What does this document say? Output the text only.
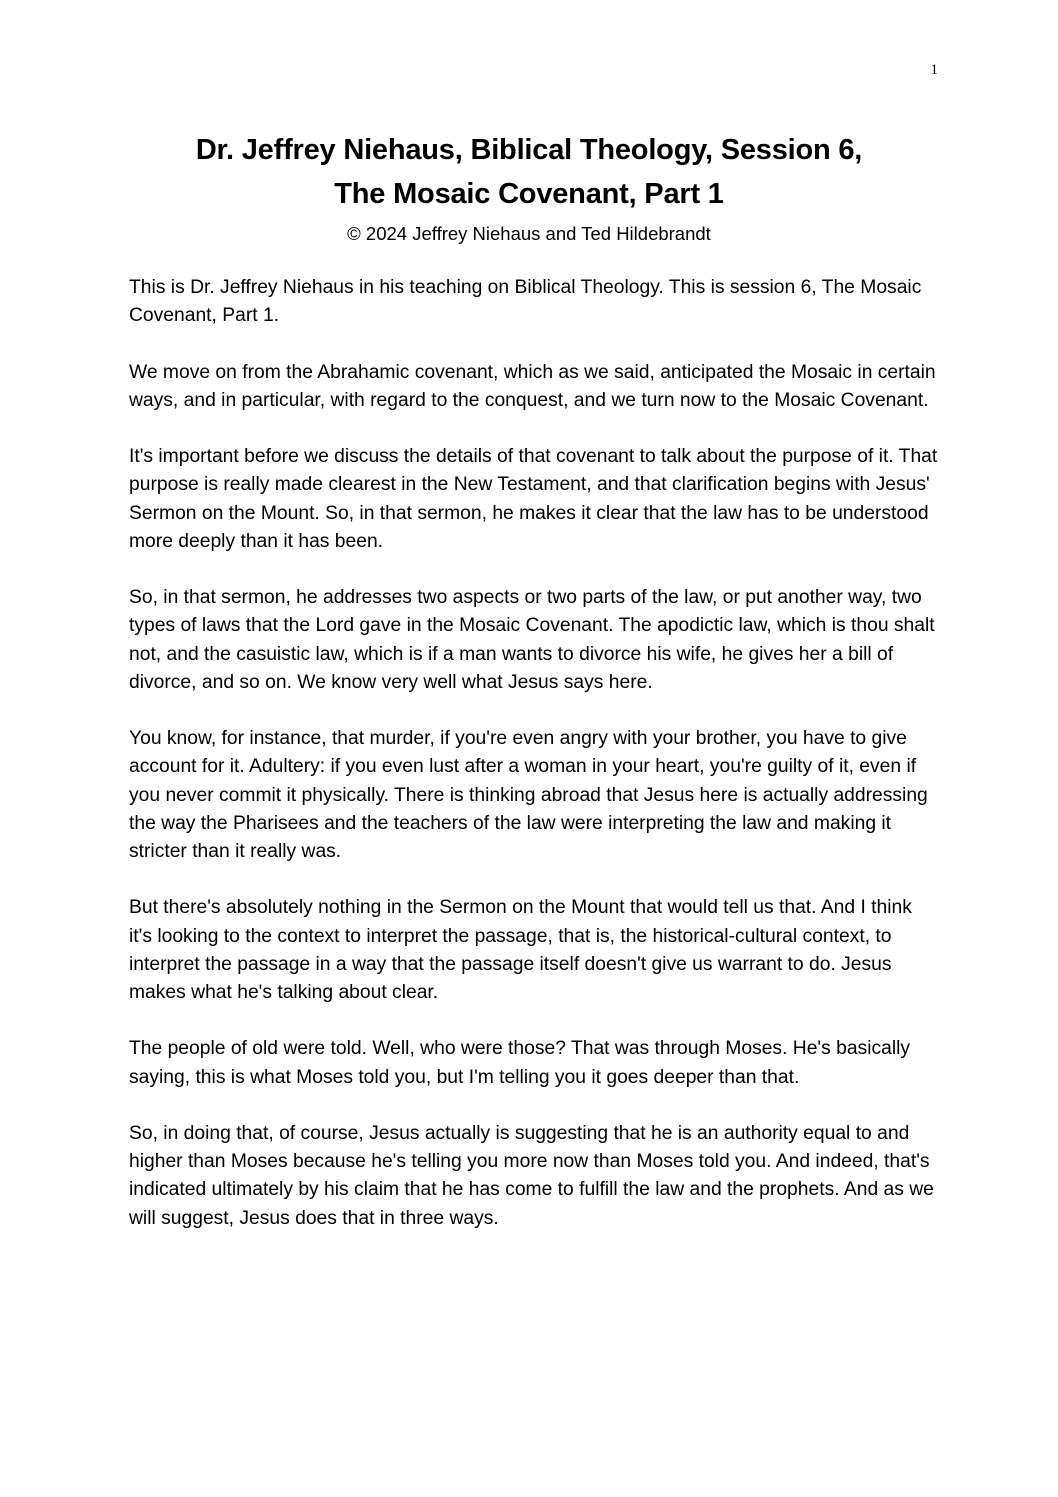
1
Dr. Jeffrey Niehaus, Biblical Theology, Session 6,
The Mosaic Covenant, Part 1
© 2024 Jeffrey Niehaus and Ted Hildebrandt

This is Dr. Jeffrey Niehaus in his teaching on Biblical Theology. This is session 6, The Mosaic Covenant, Part 1.

We move on from the Abrahamic covenant, which as we said, anticipated the Mosaic in certain ways, and in particular, with regard to the conquest, and we turn now to the Mosaic Covenant.

It's important before we discuss the details of that covenant to talk about the purpose of it. That purpose is really made clearest in the New Testament, and that clarification begins with Jesus' Sermon on the Mount. So, in that sermon, he makes it clear that the law has to be understood more deeply than it has been.

So, in that sermon, he addresses two aspects or two parts of the law, or put another way, two types of laws that the Lord gave in the Mosaic Covenant. The apodictic law, which is thou shalt not, and the casuistic law, which is if a man wants to divorce his wife, he gives her a bill of divorce, and so on. We know very well what Jesus says here.

You know, for instance, that murder, if you're even angry with your brother, you have to give account for it. Adultery: if you even lust after a woman in your heart, you're guilty of it, even if you never commit it physically. There is thinking abroad that Jesus here is actually addressing the way the Pharisees and the teachers of the law were interpreting the law and making it stricter than it really was.

But there's absolutely nothing in the Sermon on the Mount that would tell us that. And I think it's looking to the context to interpret the passage, that is, the historical-cultural context, to interpret the passage in a way that the passage itself doesn't give us warrant to do. Jesus makes what he's talking about clear.

The people of old were told. Well, who were those? That was through Moses. He's basically saying, this is what Moses told you, but I'm telling you it goes deeper than that.

So, in doing that, of course, Jesus actually is suggesting that he is an authority equal to and higher than Moses because he's telling you more now than Moses told you. And indeed, that's indicated ultimately by his claim that he has come to fulfill the law and the prophets. And as we will suggest, Jesus does that in three ways.
